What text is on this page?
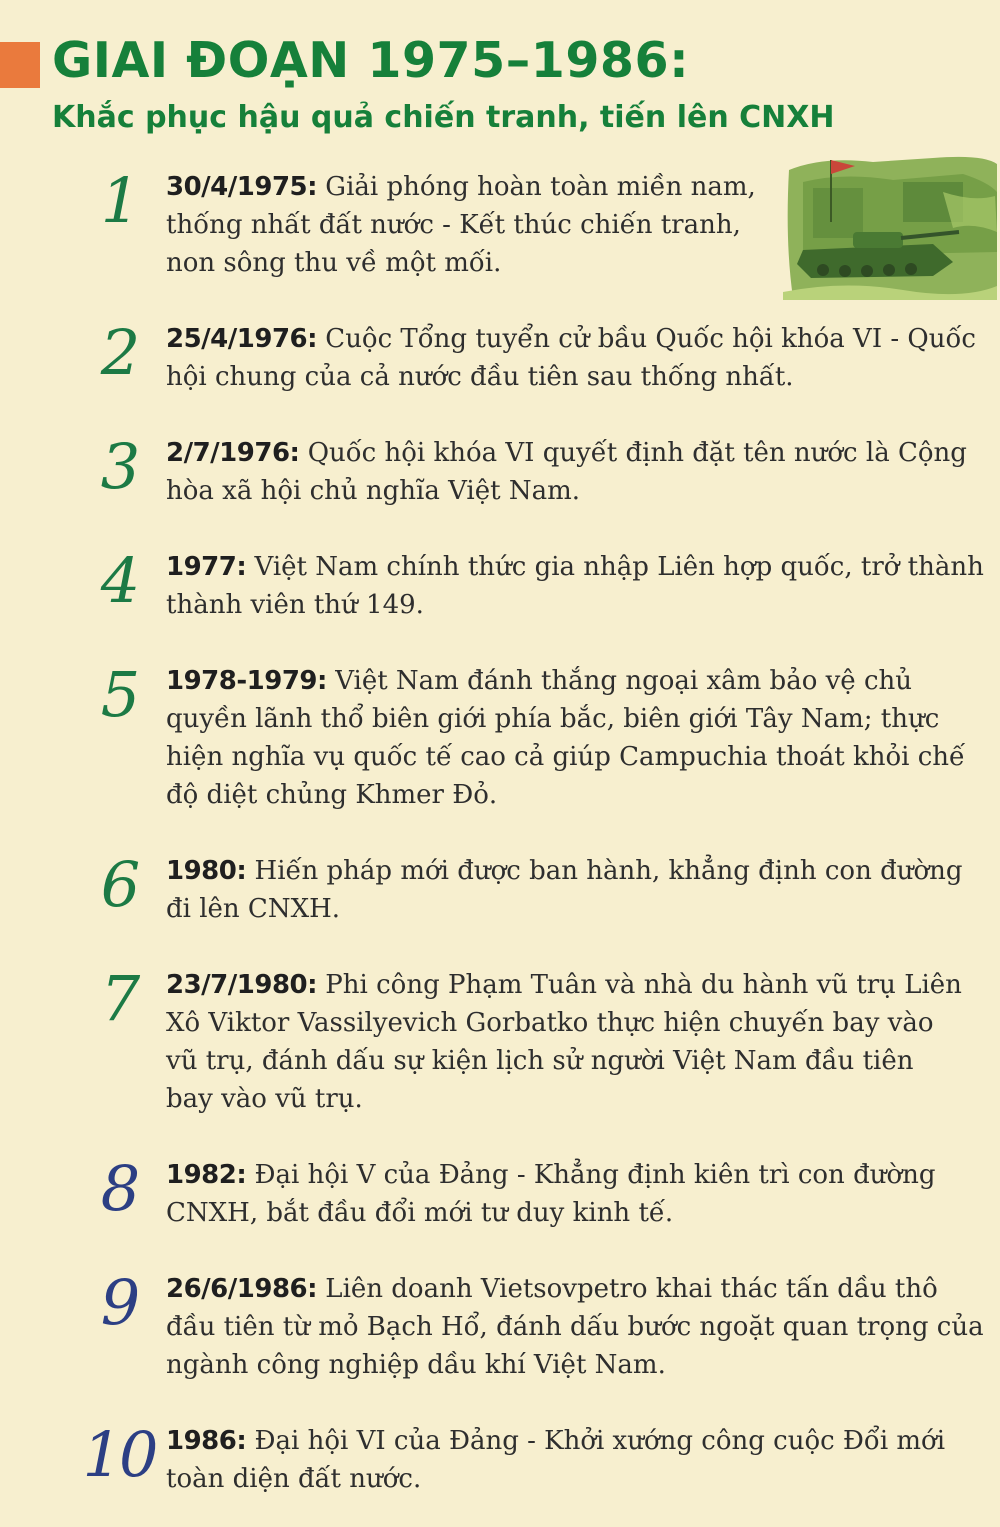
GIAI ĐOẠN 1975–1986:
Khắc phục hậu quả chiến tranh, tiến lên CNXH
1	30/4/1975: Giải phóng hoàn toàn miền nam, thống nhất đất nước - Kết thúc chiến tranh, non sông thu về một mối.
2	25/4/1976: Cuộc Tổng tuyển cử bầu Quốc hội khóa VI - Quốc hội chung của cả nước đầu tiên sau thống nhất.
3	2/7/1976: Quốc hội khóa VI quyết định đặt tên nước là Cộng hòa xã hội chủ nghĩa Việt Nam.
4	1977: Việt Nam chính thức gia nhập Liên hợp quốc, trở thành thành viên thứ 149.
5	1978-1979: Việt Nam đánh thắng ngoại xâm bảo vệ chủ quyền lãnh thổ biên giới phía bắc, biên giới Tây Nam; thực hiện nghĩa vụ quốc tế cao cả giúp Campuchia thoát khỏi chế độ diệt chủng Khmer Đỏ.
6	1980: Hiến pháp mới được ban hành, khẳng định con đường đi lên CNXH.
7	23/7/1980: Phi công Phạm Tuân và nhà du hành vũ trụ Liên Xô Viktor Vassilyevich Gorbatko thực hiện chuyến bay vào vũ trụ, đánh dấu sự kiện lịch sử người Việt Nam đầu tiên bay vào vũ trụ.
8	1982: Đại hội V của Đảng - Khẳng định kiên trì con đường CNXH, bắt đầu đổi mới tư duy kinh tế.
9	26/6/1986: Liên doanh Vietsovpetro khai thác tấn dầu thô đầu tiên từ mỏ Bạch Hổ, đánh dấu bước ngoặt quan trọng của ngành công nghiệp dầu khí Việt Nam.
10 1986: Đại hội VI của Đảng - Khởi xướng công cuộc Đổi mới toàn diện đất nước.
